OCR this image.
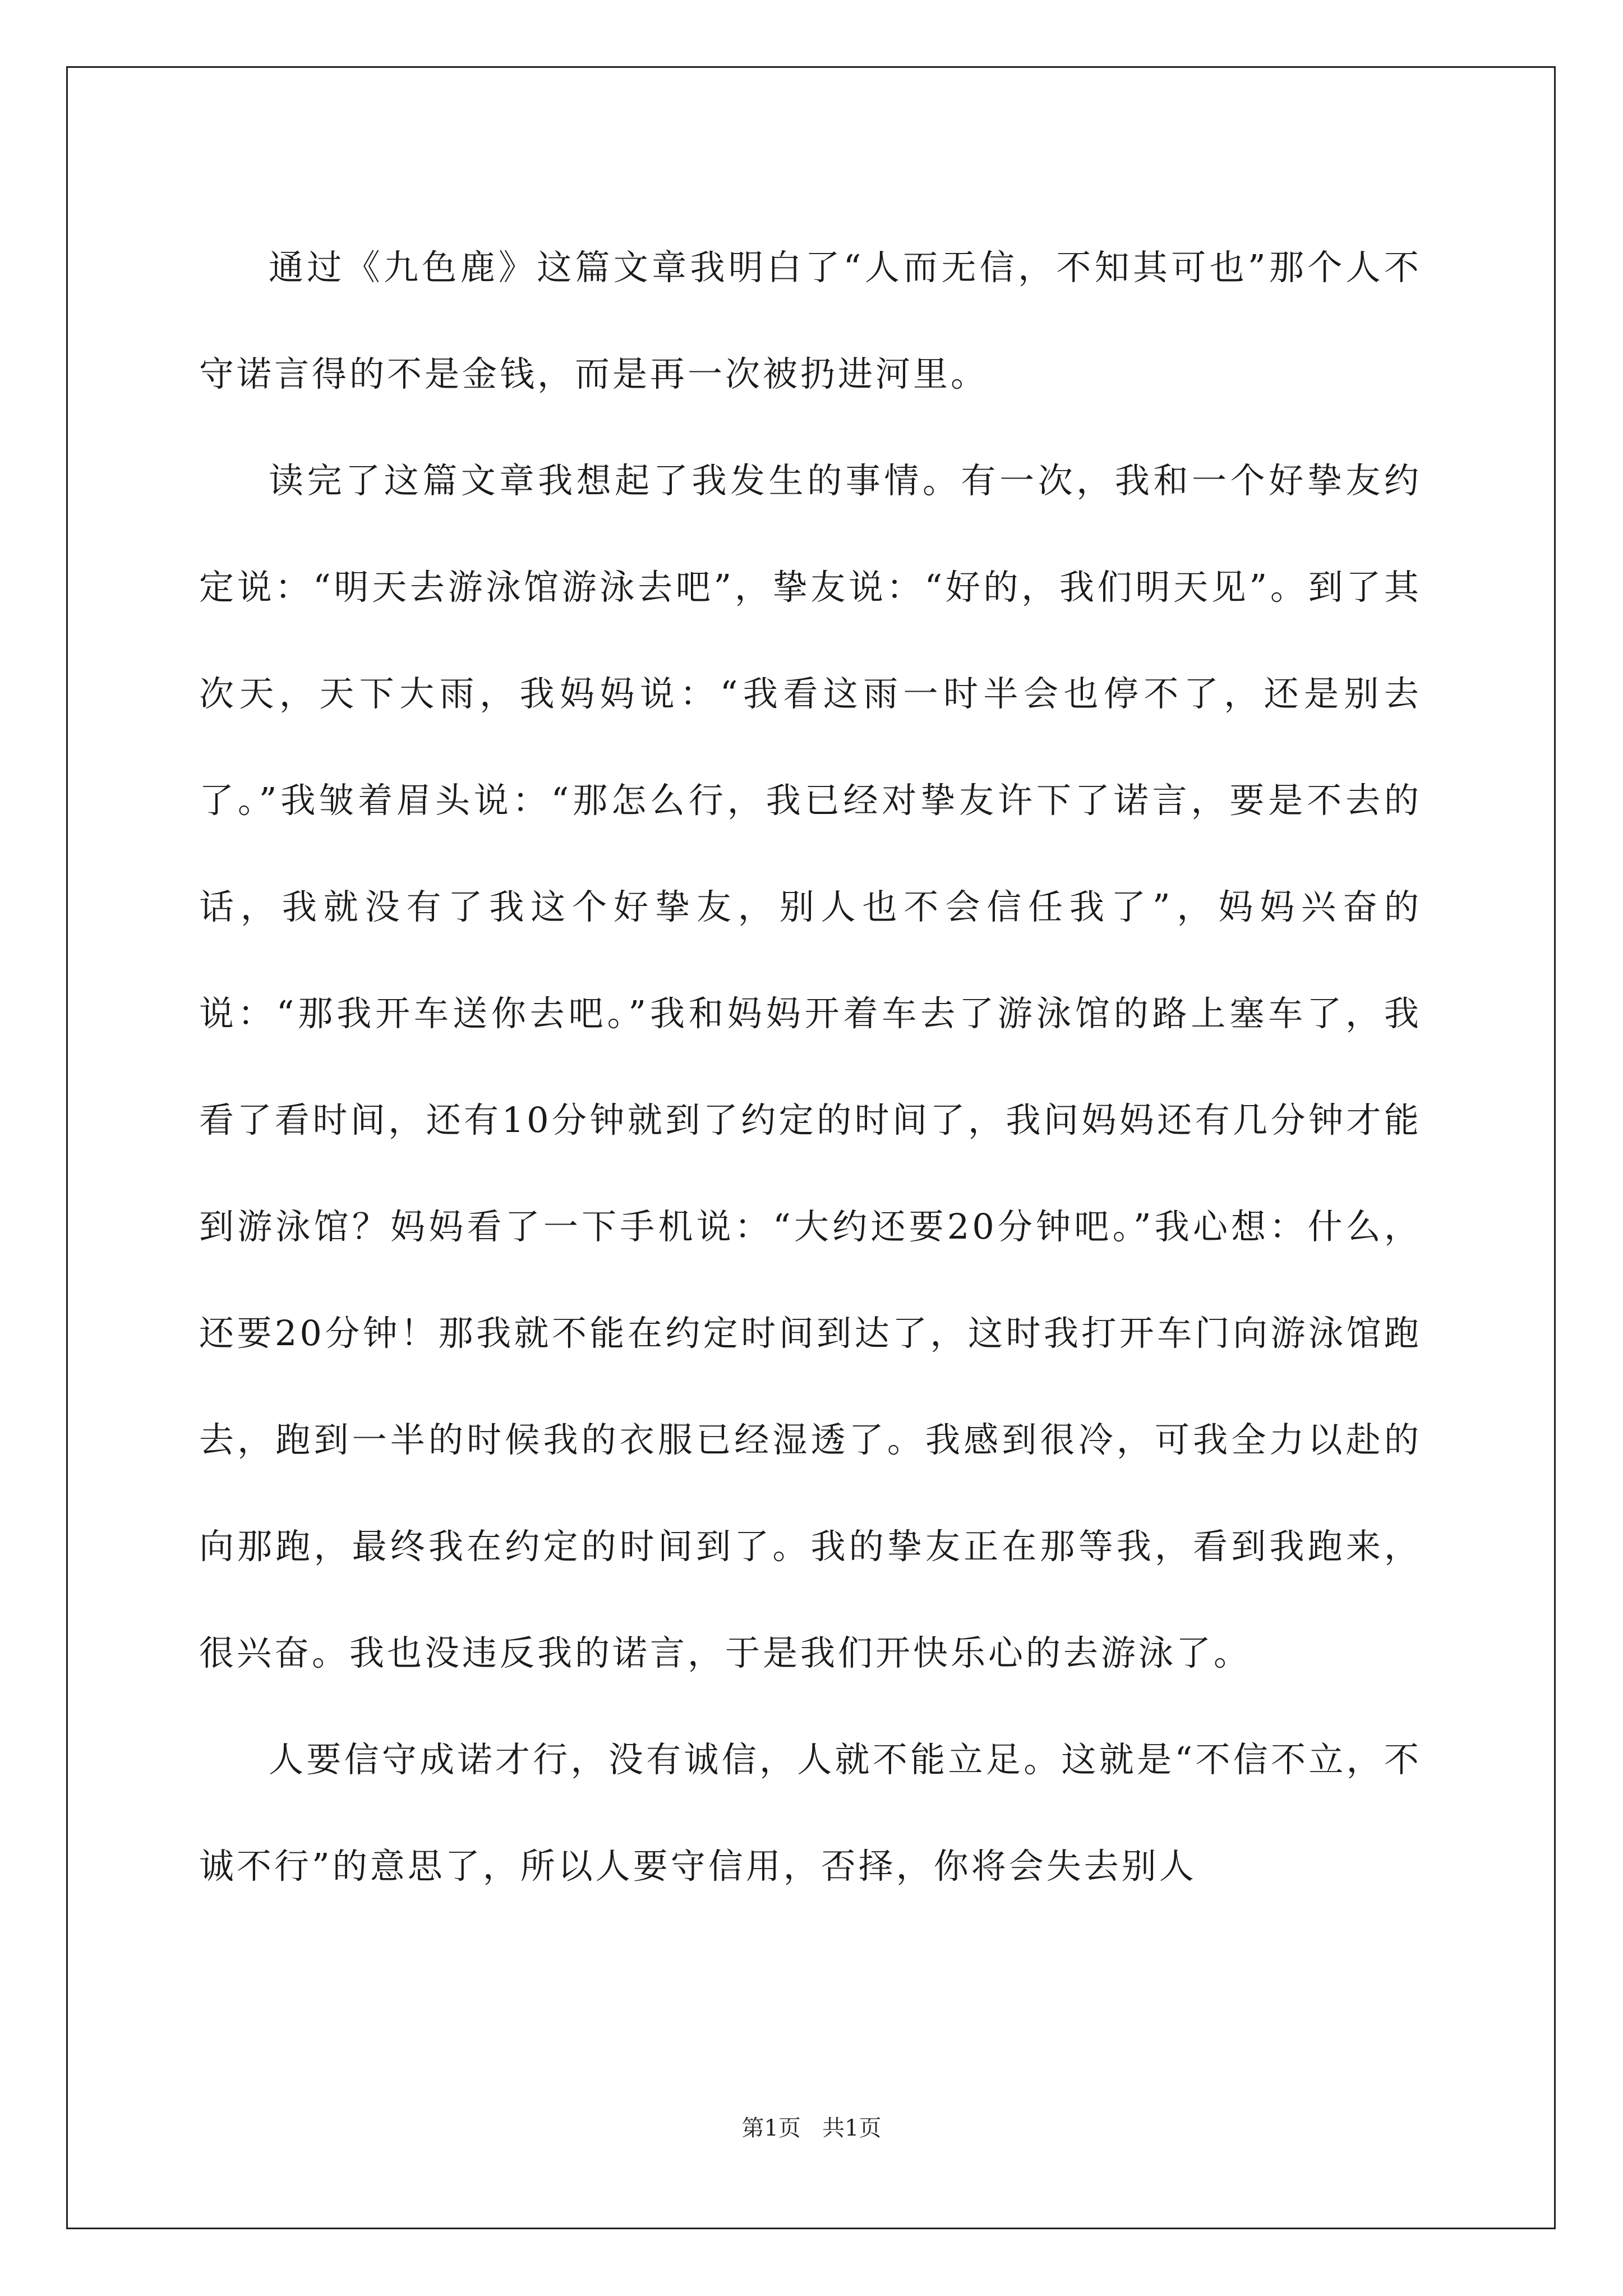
通过《九色鹿》这篇文章我明白了“人而无信，不知其可也”那个人不守诺言得的不是金钱，而是再一次被扔进河里。

读完了这篇文章我想起了我发生的事情。有一次，我和一个好挚友约定说：“明天去游泳馆游泳去吧”，挚友说：“好的，我们明天见”。到了其次天，天下大雨，我妈妈说：“我看这雨一时半会也停不了，还是别去了。”我皱着眉头说：“那怎么行，我已经对挚友许下了诺言，要是不去的话，我就没有了我这个好挚友，别人也不会信任我了”，妈妈兴奋的说：“那我开车送你去吧。”我和妈妈开着车去了游泳馆的路上塞车了，我看了看时间，还有10分钟就到了约定的时间了，我问妈妈还有几分钟才能到游泳馆？妈妈看了一下手机说：“大约还要20分钟吧。”我心想：什么，还要20分钟！那我就不能在约定时间到达了，这时我打开车门向游泳馆跑去，跑到一半的时候我的衣服已经湿透了。我感到很冷，可我全力以赴的向那跑，最终我在约定的时间到了。我的挚友正在那等我，看到我跑来，很兴奋。我也没违反我的诺言，于是我们开快乐心的去游泳了。

人要信守成诺才行，没有诚信，人就不能立足。这就是“不信不立，不诚不行”的意思了，所以人要守信用，否择，你将会失去别人

第1页   共1页
